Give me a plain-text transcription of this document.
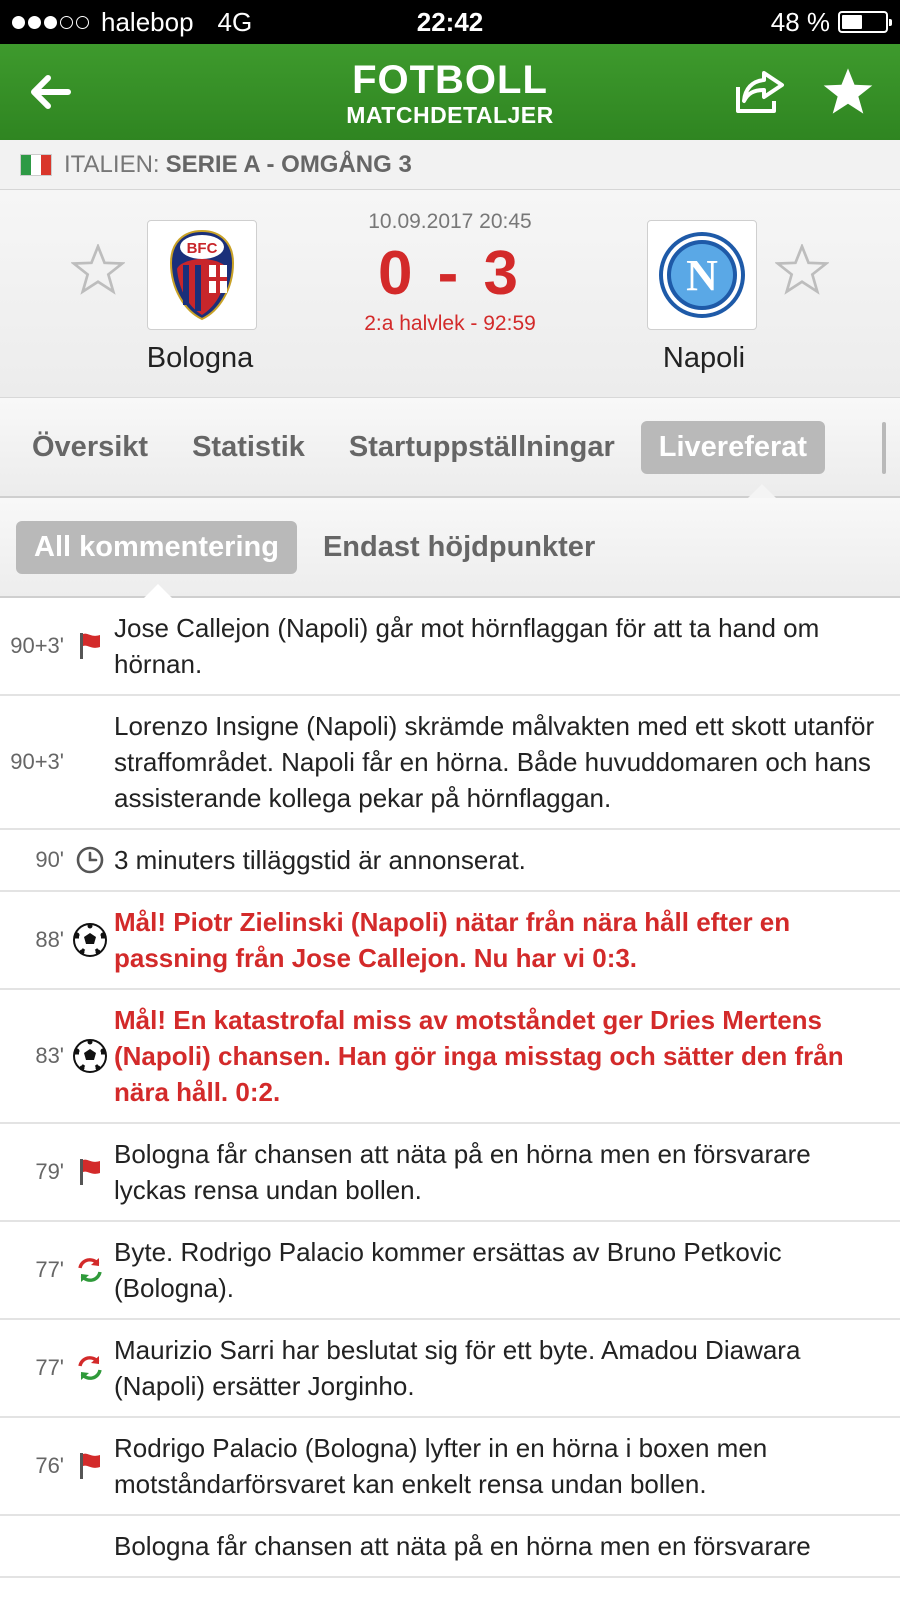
halebop 4G	22:42	48 %
FOTBOLL
MATCHDETALJER
ITALIEN: SERIE A - OMGÅNG 3
BFC
Bologna
10.09.2017 20:45
0 - 3
2:a halvlek - 92:59
N
Napoli
Översikt	Statistik	Startuppställningar	Livereferat
All kommentering	Endast höjdpunkter
90+3'
Jose Callejon (Napoli) går mot hörnflaggan för att ta hand om hörnan.
90+3'
Lorenzo Insigne (Napoli) skrämde målvakten med ett skott utanför straffområdet. Napoli får en hörna. Både huvuddomaren och hans assisterande kollega pekar på hörnflaggan.
90' 3 minuters tilläggstid är annonserat.
88'
Mål! Piotr Zielinski (Napoli) nätar från nära håll efter en passning från Jose Callejon. Nu har vi 0:3.
83'
Mål! En katastrofal miss av motståndet ger Dries Mertens (Napoli) chansen. Han gör inga misstag och sätter den från nära håll. 0:2.
79'
Bologna får chansen att näta på en hörna men en försvarare lyckas rensa undan bollen.
77'
Byte. Rodrigo Palacio kommer ersättas av Bruno Petkovic (Bologna).
77'
Maurizio Sarri har beslutat sig för ett byte. Amadou Diawara (Napoli) ersätter Jorginho.
76'
Rodrigo Palacio (Bologna) lyfter in en hörna i boxen men motståndarförsvaret kan enkelt rensa undan bollen.
Bologna får chansen att näta på en hörna men en försvarare
